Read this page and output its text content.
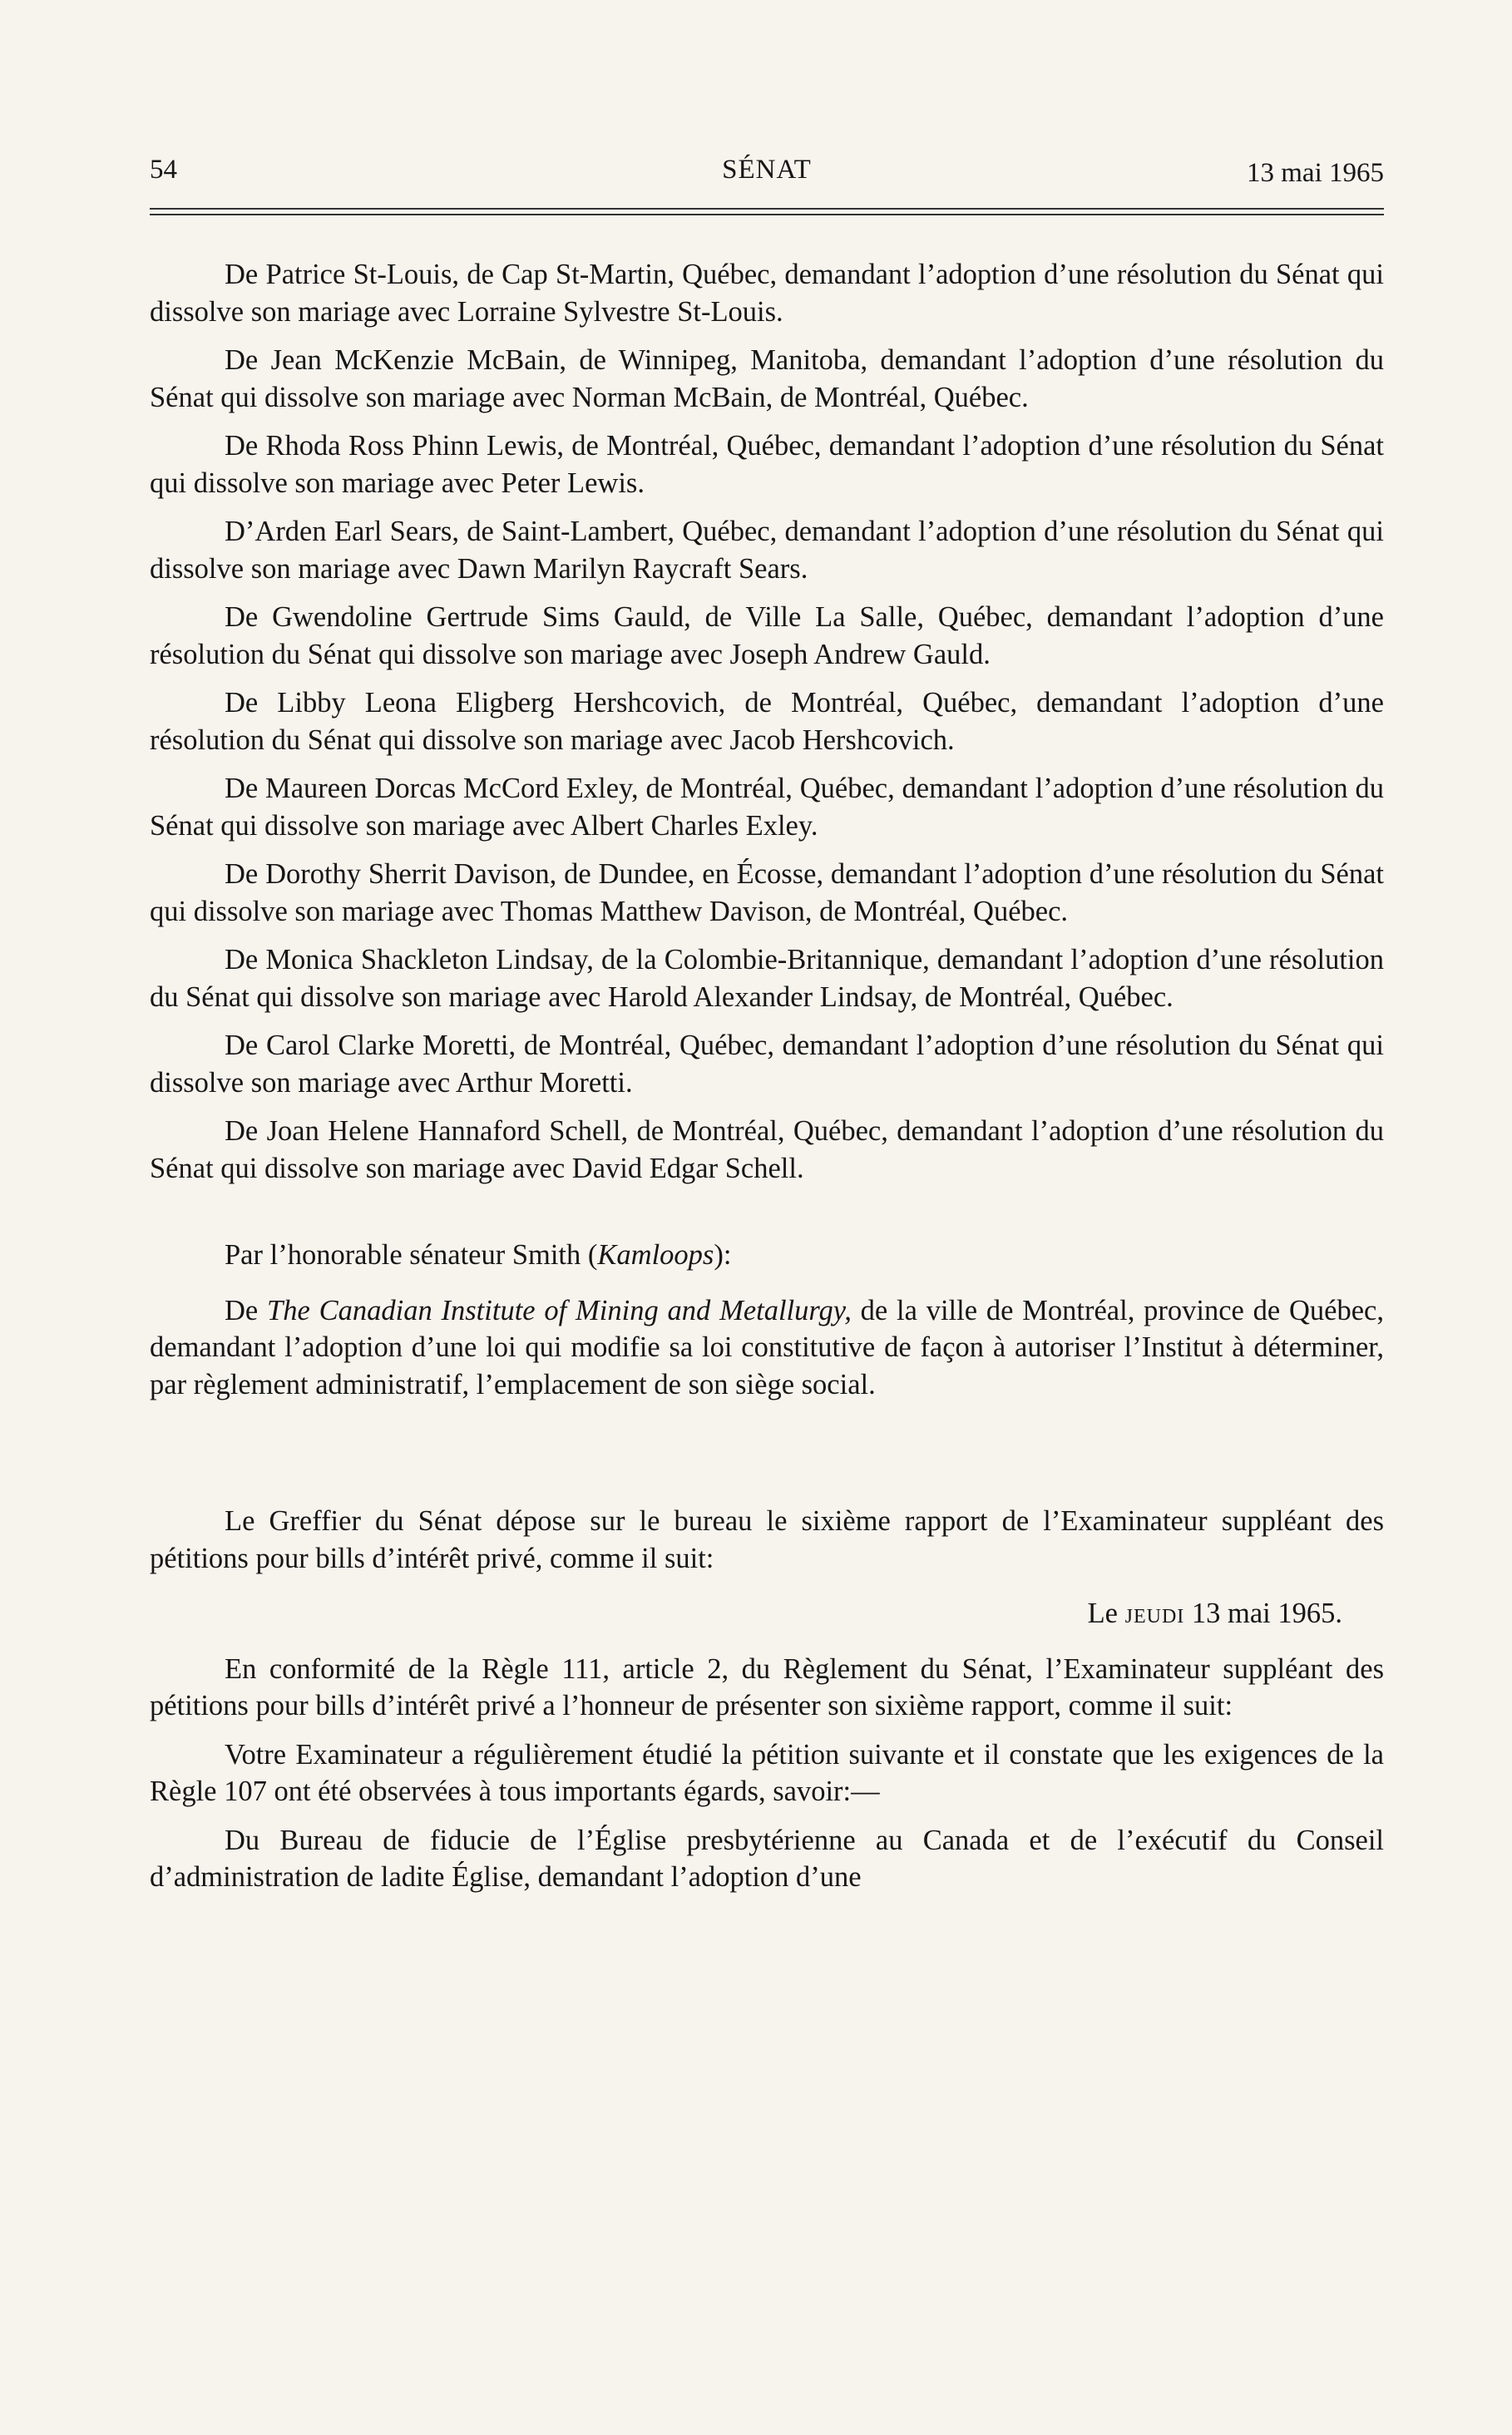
54	SÉNAT	13 mai 1965

De Patrice St-Louis, de Cap St-Martin, Québec, demandant l’adoption d’une résolution du Sénat qui dissolve son mariage avec Lorraine Sylvestre St-Louis.

De Jean McKenzie McBain, de Winnipeg, Manitoba, demandant l’adoption d’une résolution du Sénat qui dissolve son mariage avec Norman McBain, de Montréal, Québec.

De Rhoda Ross Phinn Lewis, de Montréal, Québec, demandant l’adoption d’une résolution du Sénat qui dissolve son mariage avec Peter Lewis.

D’Arden Earl Sears, de Saint-Lambert, Québec, demandant l’adoption d’une résolution du Sénat qui dissolve son mariage avec Dawn Marilyn Raycraft Sears.

De Gwendoline Gertrude Sims Gauld, de Ville La Salle, Québec, demandant l’adoption d’une résolution du Sénat qui dissolve son mariage avec Joseph Andrew Gauld.

De Libby Leona Eligberg Hershcovich, de Montréal, Québec, demandant l’adoption d’une résolution du Sénat qui dissolve son mariage avec Jacob Hershcovich.

De Maureen Dorcas McCord Exley, de Montréal, Québec, demandant l’adoption d’une résolution du Sénat qui dissolve son mariage avec Albert Charles Exley.

De Dorothy Sherrit Davison, de Dundee, en Écosse, demandant l’adoption d’une résolution du Sénat qui dissolve son mariage avec Thomas Matthew Davison, de Montréal, Québec.

De Monica Shackleton Lindsay, de la Colombie-Britannique, demandant l’adoption d’une résolution du Sénat qui dissolve son mariage avec Harold Alexander Lindsay, de Montréal, Québec.

De Carol Clarke Moretti, de Montréal, Québec, demandant l’adoption d’une résolution du Sénat qui dissolve son mariage avec Arthur Moretti.

De Joan Helene Hannaford Schell, de Montréal, Québec, demandant l’adoption d’une résolution du Sénat qui dissolve son mariage avec David Edgar Schell.

Par l’honorable sénateur Smith (Kamloops):

De The Canadian Institute of Mining and Metallurgy, de la ville de Montréal, province de Québec, demandant l’adoption d’une loi qui modifie sa loi constitutive de façon à autoriser l’Institut à déterminer, par règlement administratif, l’emplacement de son siège social.

Le Greffier du Sénat dépose sur le bureau le sixième rapport de l’Examinateur suppléant des pétitions pour bills d’intérêt privé, comme il suit:

Le jeudi 13 mai 1965.

En conformité de la Règle 111, article 2, du Règlement du Sénat, l’Examinateur suppléant des pétitions pour bills d’intérêt privé a l’honneur de présenter son sixième rapport, comme il suit:

Votre Examinateur a régulièrement étudié la pétition suivante et il constate que les exigences de la Règle 107 ont été observées à tous importants égards, savoir:—

Du Bureau de fiducie de l’Église presbytérienne au Canada et de l’exécutif du Conseil d’administration de ladite Église, demandant l’adoption d’une
